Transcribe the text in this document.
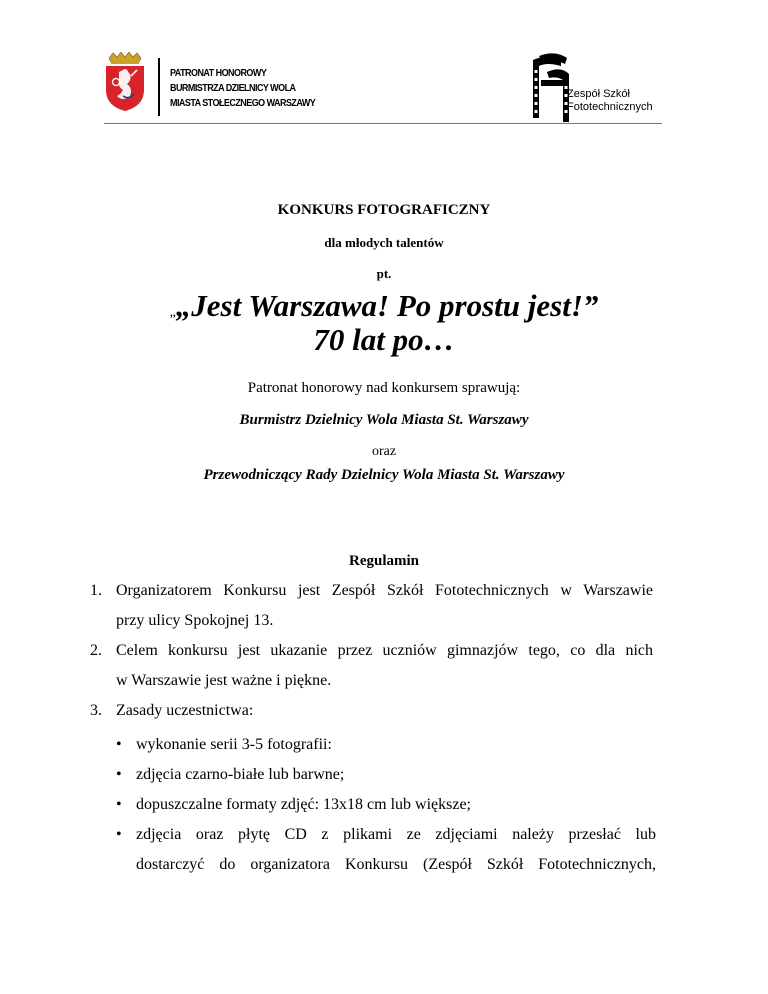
PATRONAT HONOROWY
BURMISTRZA DZIELNICY WOLA
MIASTA STOŁECZNEGO WARSZAWY
Zespół Szkół
Fototechnicznych
KONKURS FOTOGRAFICZNY
dla młodych talentów
pt.
„„Jest Warszawa! Po prostu jest!”
70 lat po…
Patronat honorowy nad konkursem sprawują:
Burmistrz Dzielnicy Wola Miasta St. Warszawy
oraz
Przewodniczący Rady Dzielnicy Wola Miasta St. Warszawy
Regulamin
1. Organizatorem Konkursu jest Zespół Szkół Fototechnicznych w Warszawie
przy ulicy Spokojnej 13.
2. Celem konkursu jest ukazanie przez uczniów gimnazjów tego, co dla nich
w Warszawie jest ważne i piękne.
3. Zasady uczestnictwa:
• wykonanie serii 3-5 fotografii:
• zdjęcia czarno-białe lub barwne;
• dopuszczalne formaty zdjęć: 13x18 cm lub większe;
• zdjęcia oraz płytę CD z plikami ze zdjęciami należy przesłać lub
dostarczyć do organizatora Konkursu (Zespół Szkół Fototechnicznych,
